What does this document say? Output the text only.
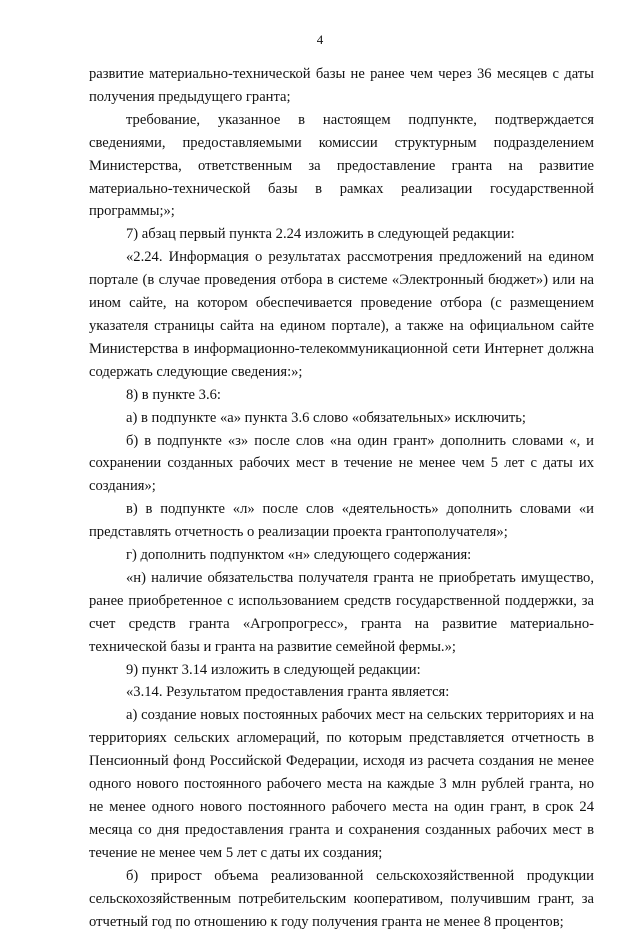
4

развитие материально-технической базы не ранее чем через 36 месяцев с даты получения предыдущего гранта;

требование, указанное в настоящем подпункте, подтверждается сведениями, предоставляемыми комиссии структурным подразделением Министерства, ответственным за предоставление гранта на развитие материально-технической базы в рамках реализации государственной программы;»;

7) абзац первый пункта 2.24 изложить в следующей редакции:

«2.24. Информация о результатах рассмотрения предложений на едином портале (в случае проведения отбора в системе «Электронный бюджет») или на ином сайте, на котором обеспечивается проведение отбора (с размещением указателя страницы сайта на едином портале), а также на официальном сайте Министерства в информационно-телекоммуникационной сети Интернет должна содержать следующие сведения:»;

8) в пункте 3.6:

а) в подпункте «а» пункта 3.6 слово «обязательных» исключить;

б) в подпункте «з» после слов «на один грант» дополнить словами «, и сохранении созданных рабочих мест в течение не менее чем 5 лет с даты их создания»;

в) в подпункте «л» после слов «деятельность» дополнить словами «и представлять отчетность о реализации проекта грантополучателя»;

г) дополнить подпунктом «н» следующего содержания:

«н) наличие обязательства получателя гранта не приобретать имущество, ранее приобретенное с использованием средств государственной поддержки, за счет средств гранта «Агропрогресс», гранта на развитие материально-технической базы и гранта на развитие семейной фермы.»;

9) пункт 3.14 изложить в следующей редакции:

«3.14. Результатом предоставления гранта является:

а) создание новых постоянных рабочих мест на сельских территориях и на территориях сельских агломераций, по которым представляется отчетность в Пенсионный фонд Российской Федерации, исходя из расчета создания не менее одного нового постоянного рабочего места на каждые 3 млн рублей гранта, но не менее одного нового постоянного рабочего места на один грант, в срок 24 месяца со дня предоставления гранта и сохранения созданных рабочих мест в течение не менее чем 5 лет с даты их создания;

б) прирост объема реализованной сельскохозяйственной продукции сельскохозяйственным потребительским кооперативом, получившим грант, за отчетный год по отношению к году получения гранта не менее 8 процентов;
